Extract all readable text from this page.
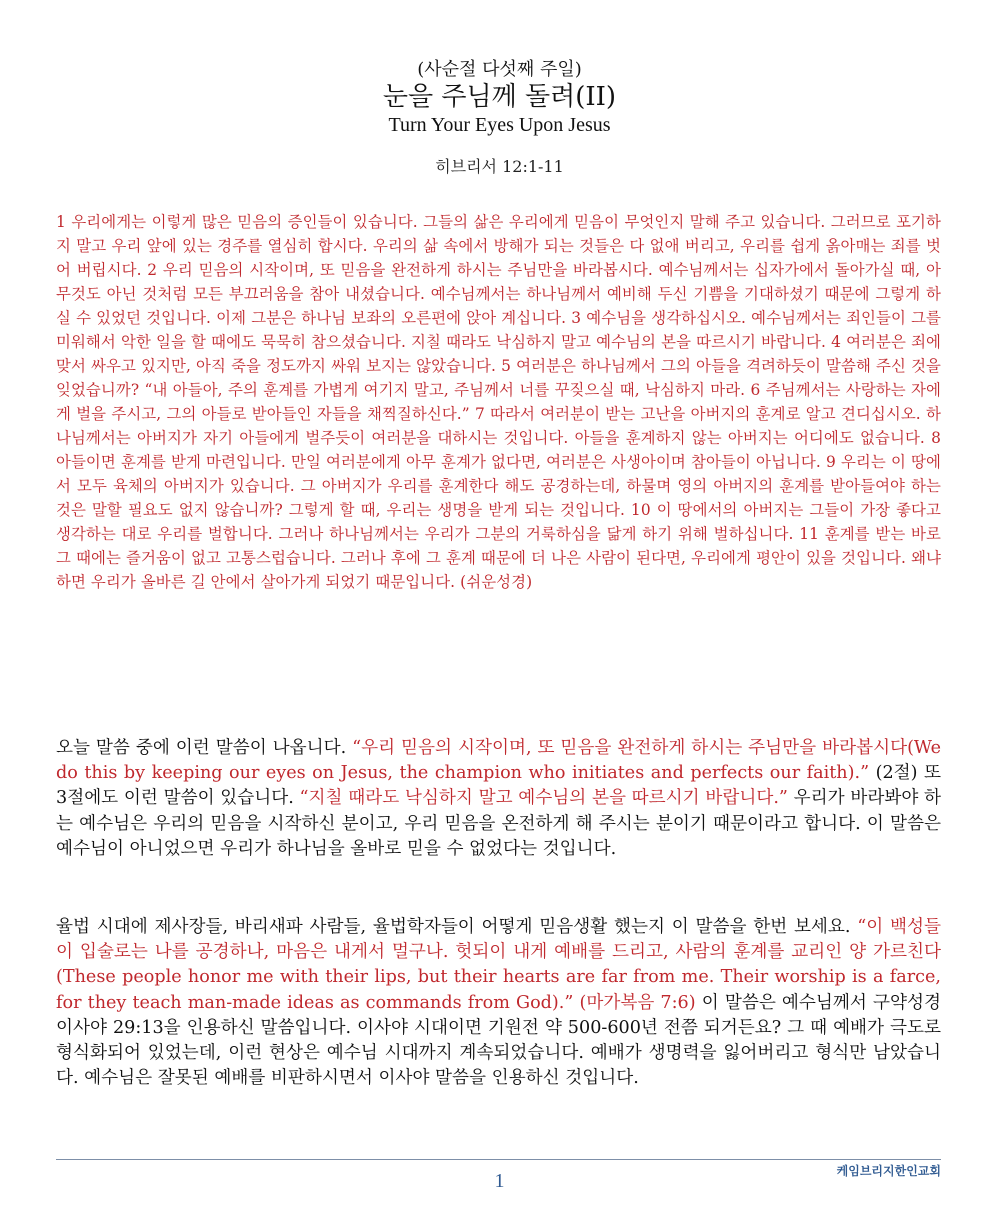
(사순절 다섯째 주일)
눈을 주님께 돌려(II)
Turn Your Eyes Upon Jesus
히브리서 12:1-11
1 우리에게는 이렇게 많은 믿음의 증인들이 있습니다. 그들의 삶은 우리에게 믿음이 무엇인지 말해 주고 있습니다. 그러므로 포기하지 말고 우리 앞에 있는 경주를 열심히 합시다. 우리의 삶 속에서 방해가 되는 것들은 다 없애 버리고, 우리를 쉽게 옭아매는 죄를 벗어 버립시다. 2 우리 믿음의 시작이며, 또 믿음을 완전하게 하시는 주님만을 바라봅시다. 예수님께서는 십자가에서 돌아가실 때, 아무것도 아닌 것처럼 모든 부끄러움을 참아 내셨습니다. 예수님께서는 하나님께서 예비해 두신 기쁨을 기대하셨기 때문에 그렇게 하실 수 있었던 것입니다. 이제 그분은 하나님 보좌의 오른편에 앉아 계십니다. 3 예수님을 생각하십시오. 예수님께서는 죄인들이 그를 미워해서 악한 일을 할 때에도 묵묵히 참으셨습니다. 지칠 때라도 낙심하지 말고 예수님의 본을 따르시기 바랍니다. 4 여러분은 죄에 맞서 싸우고 있지만, 아직 죽을 정도까지 싸워 보지는 않았습니다. 5 여러분은 하나님께서 그의 아들을 격려하듯이 말씀해 주신 것을 잊었습니까? “내 아들아, 주의 훈계를 가볍게 여기지 말고, 주님께서 너를 꾸짖으실 때, 낙심하지 마라. 6 주님께서는 사랑하는 자에게 벌을 주시고, 그의 아들로 받아들인 자들을 채찍질하신다.” 7 따라서 여러분이 받는 고난을 아버지의 훈계로 알고 견디십시오. 하나님께서는 아버지가 자기 아들에게 벌주듯이 여러분을 대하시는 것입니다. 아들을 훈계하지 않는 아버지는 어디에도 없습니다. 8 아들이면 훈계를 받게 마련입니다. 만일 여러분에게 아무 훈계가 없다면, 여러분은 사생아이며 참아들이 아닙니다. 9 우리는 이 땅에서 모두 육체의 아버지가 있습니다. 그 아버지가 우리를 훈계한다 해도 공경하는데, 하물며 영의 아버지의 훈계를 받아들여야 하는 것은 말할 필요도 없지 않습니까? 그렇게 할 때, 우리는 생명을 받게 되는 것입니다. 10 이 땅에서의 아버지는 그들이 가장 좋다고 생각하는 대로 우리를 벌합니다. 그러나 하나님께서는 우리가 그분의 거룩하심을 닮게 하기 위해 벌하십니다. 11 훈계를 받는 바로 그 때에는 즐거움이 없고 고통스럽습니다. 그러나 후에 그 훈계 때문에 더 나은 사람이 된다면, 우리에게 평안이 있을 것입니다. 왜냐하면 우리가 올바른 길 안에서 살아가게 되었기 때문입니다. (쉬운성경)
오늘 말씀 중에 이런 말씀이 나옵니다. “우리 믿음의 시작이며, 또 믿음을 완전하게 하시는 주님만을 바라봅시다(We do this by keeping our eyes on Jesus, the champion who initiates and perfects our faith).” (2절) 또 3절에도 이런 말씀이 있습니다. “지칠 때라도 낙심하지 말고 예수님의 본을 따르시기 바랍니다.” 우리가 바라봐야 하는 예수님은 우리의 믿음을 시작하신 분이고, 우리 믿음을 온전하게 해 주시는 분이기 때문이라고 합니다. 이 말씀은 예수님이 아니었으면 우리가 하나님을 올바로 믿을 수 없었다는 것입니다.
율법 시대에 제사장들, 바리새파 사람들, 율법학자들이 어떻게 믿음생활 했는지 이 말씀을 한번 보세요. “이 백성들이 입술로는 나를 공경하나, 마음은 내게서 멀구나. 헛되이 내게 예배를 드리고, 사람의 훈계를 교리인 양 가르친다(These people honor me with their lips, but their hearts are far from me. Their worship is a farce, for they teach man-made ideas as commands from God).” (마가복음 7:6) 이 말씀은 예수님께서 구약성경 이사야 29:13을 인용하신 말씀입니다. 이사야 시대이면 기원전 약 500-600년 전쯤 되거든요? 그 때 예배가 극도로 형식화되어 있었는데, 이런 현상은 예수님 시대까지 계속되었습니다. 예배가 생명력을 잃어버리고 형식만 남았습니다. 예수님은 잘못된 예배를 비판하시면서 이사야 말씀을 인용하신 것입니다.
1	케임브리지한인교회
